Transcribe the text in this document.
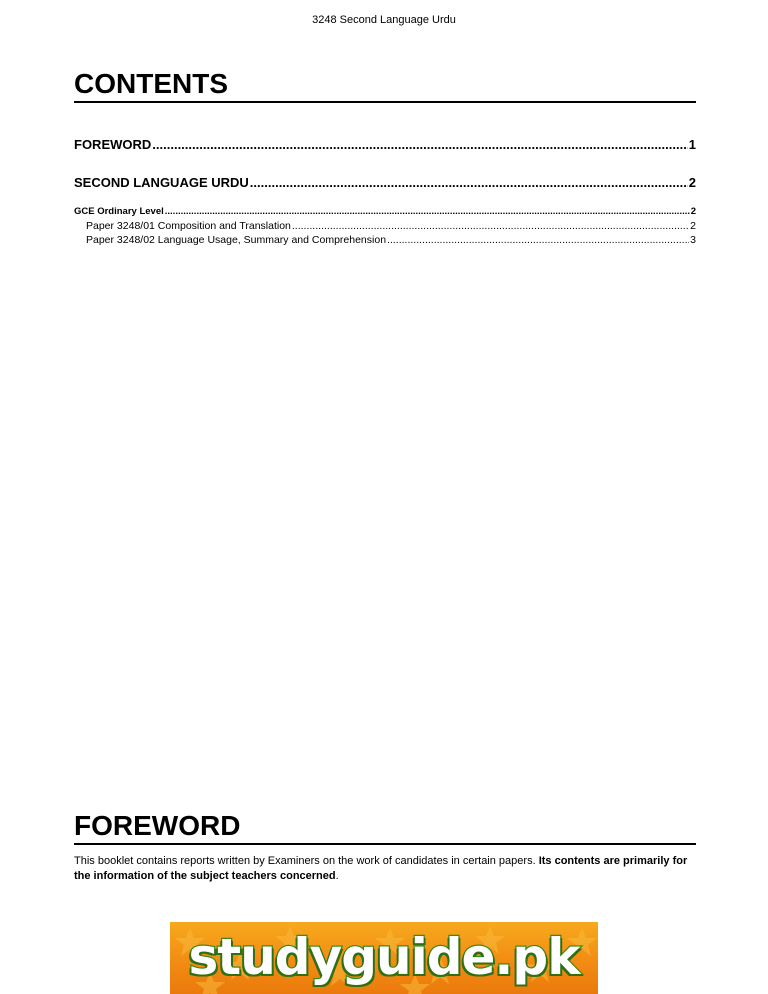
3248 Second Language Urdu
CONTENTS
FOREWORD .....	1
SECOND LANGUAGE URDU .....	2
GCE Ordinary Level .....	2
Paper 3248/01 Composition and Translation .....	2
Paper 3248/02 Language Usage, Summary and Comprehension .....	3
FOREWORD

This booklet contains reports written by Examiners on the work of candidates in certain papers. Its contents are primarily for the information of the subject teachers concerned.

studyguide.pk
